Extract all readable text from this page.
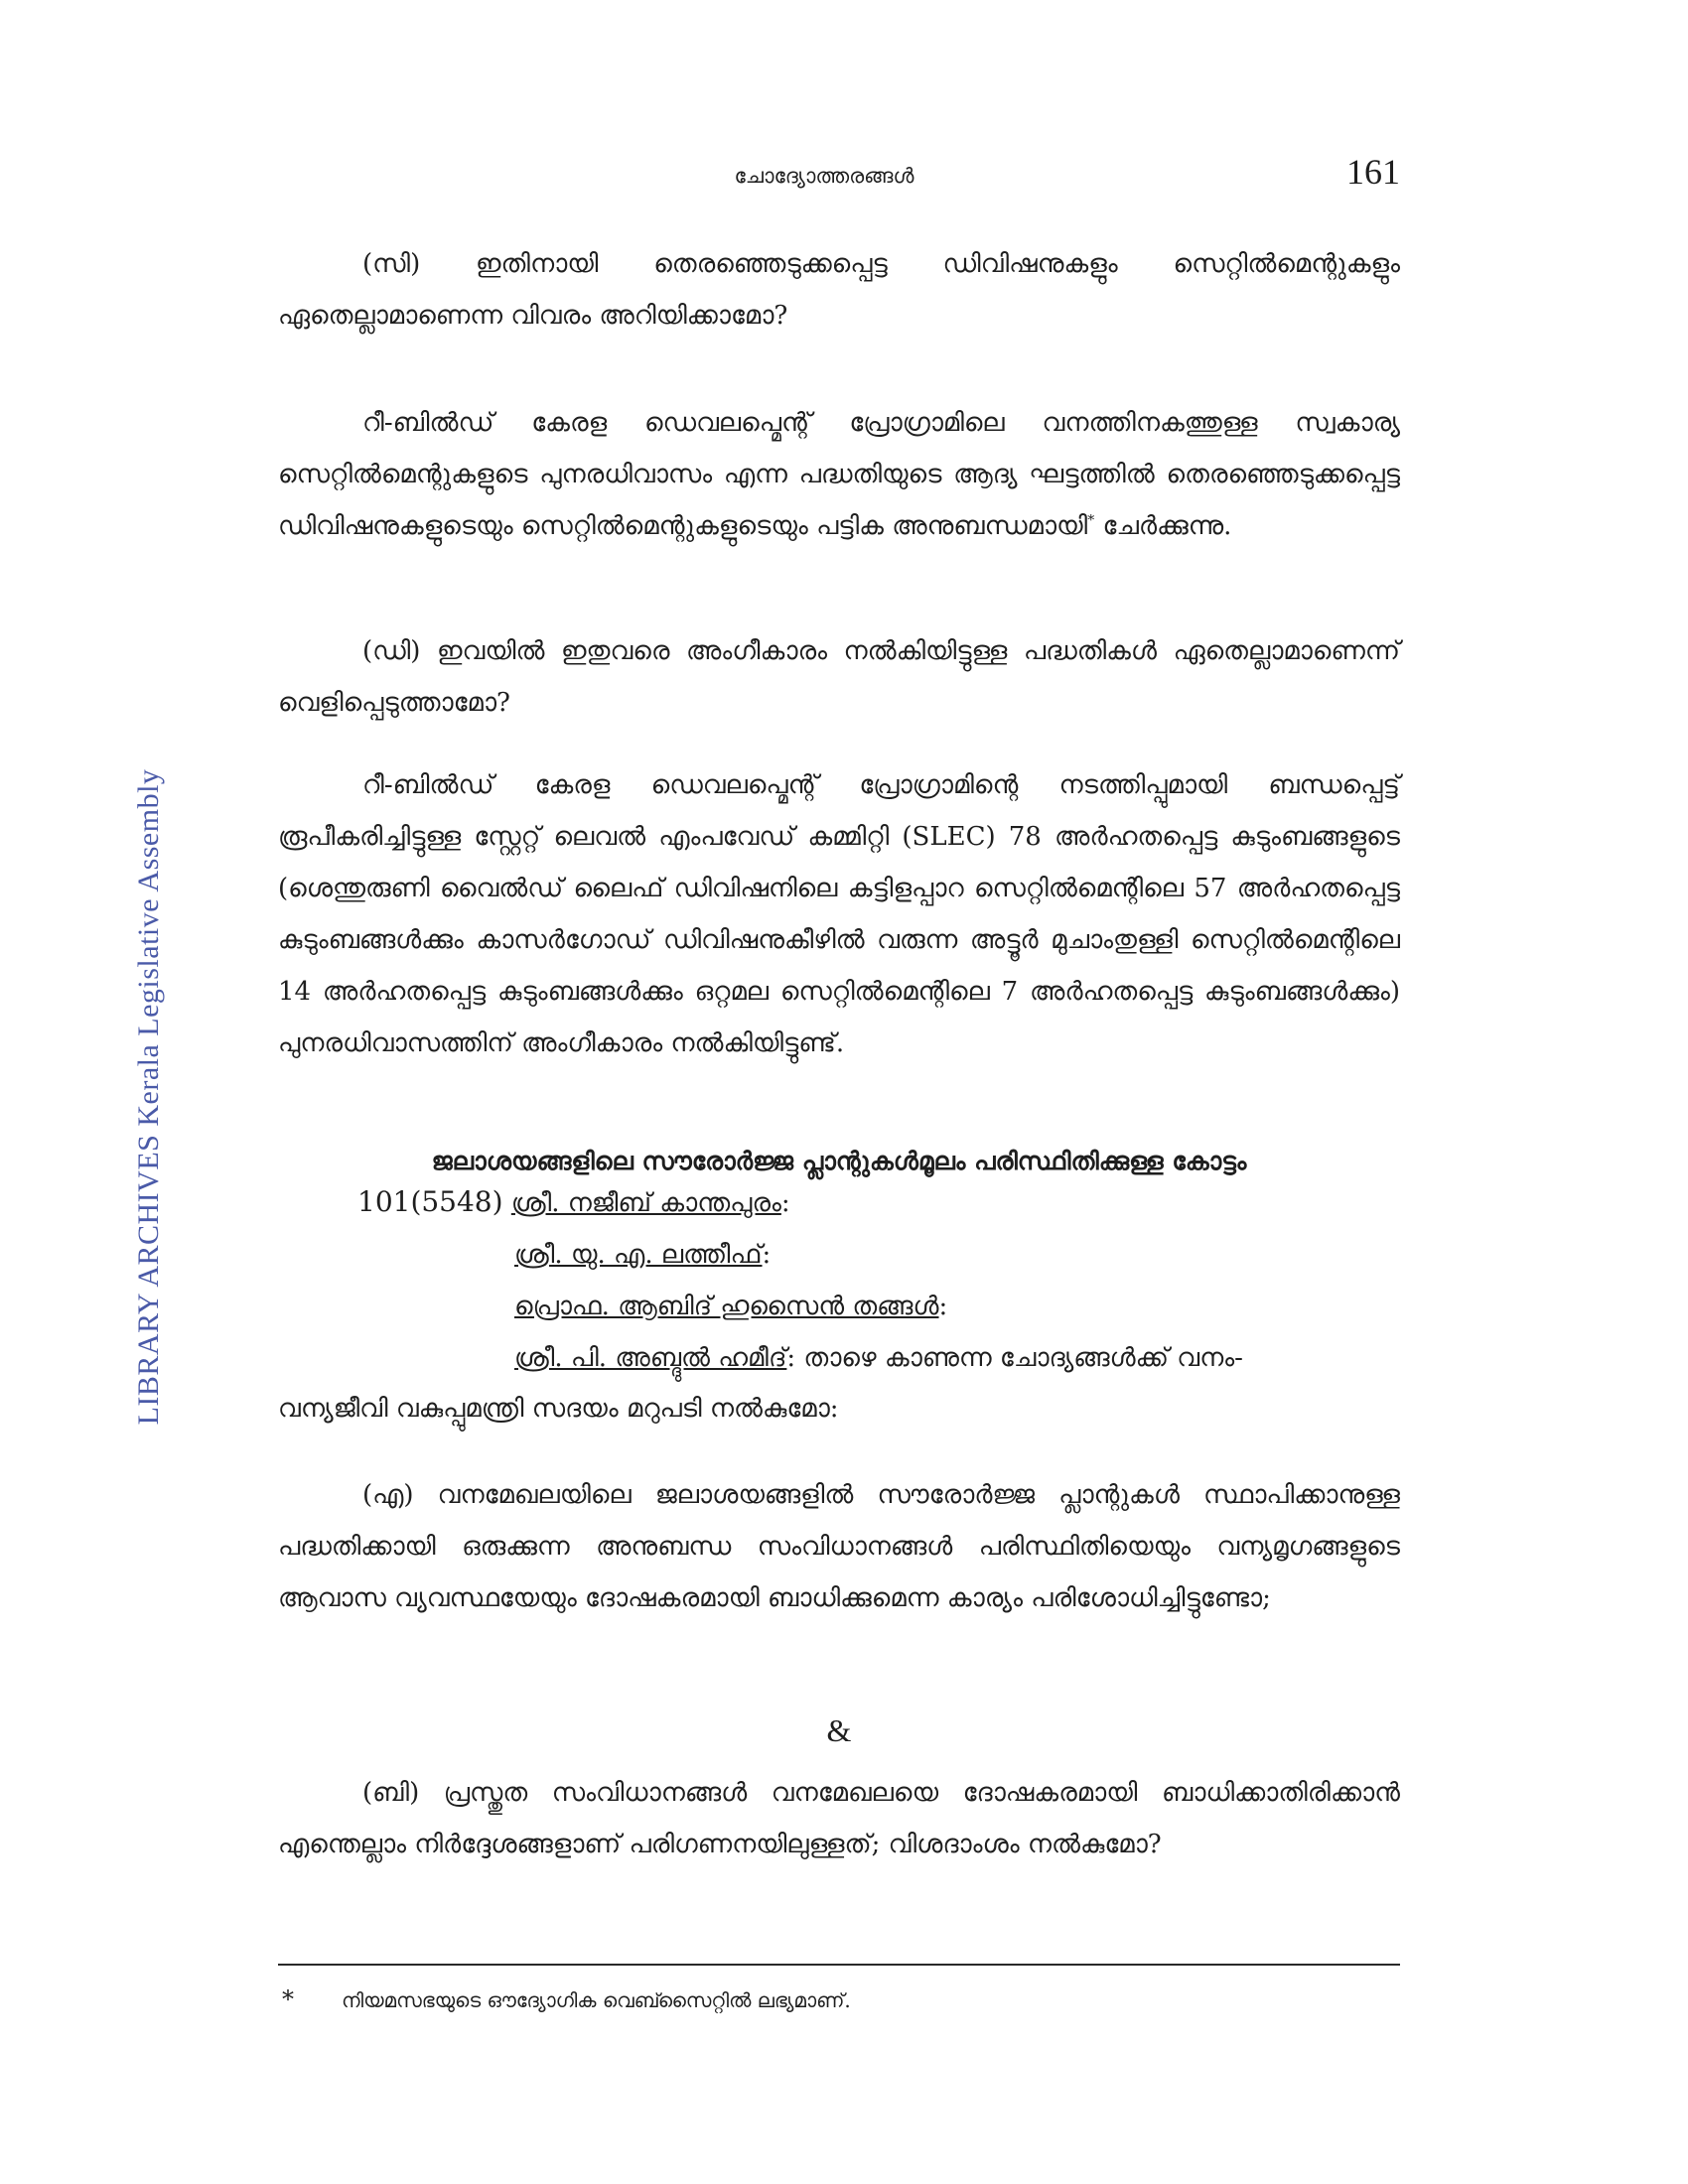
LIBRARY ARCHIVES Kerala Legislative Assembly
ചോദ്യോത്തരങ്ങൾ	161

(സി) ഇതിനായി തെരഞ്ഞെടുക്കപ്പെട്ട ഡിവിഷനുകളും സെറ്റിൽമെന്റുകളും ഏതെല്ലാമാണെന്ന വിവരം അറിയിക്കാമോ?

റീ-ബിൽഡ് കേരള ഡെവലപ്മെന്റ് പ്രോഗ്രാമിലെ വനത്തിനകത്തുള്ള സ്വകാര്യ സെറ്റിൽമെന്റുകളുടെ പുനരധിവാസം എന്ന പദ്ധതിയുടെ ആദ്യ ഘട്ടത്തിൽ തെരഞ്ഞെടുക്കപ്പെട്ട ഡിവിഷനുകളുടെയും സെറ്റിൽമെന്റുകളുടെയും പട്ടിക അനുബന്ധമായി* ചേർക്കുന്നു.

(ഡി) ഇവയിൽ ഇതുവരെ അംഗീകാരം നൽകിയിട്ടുള്ള പദ്ധതികൾ ഏതെല്ലാമാണെന്ന് വെളിപ്പെടുത്താമോ?

റീ-ബിൽഡ് കേരള ഡെവലപ്മെന്റ് പ്രോഗ്രാമിന്റെ നടത്തിപ്പുമായി ബന്ധപ്പെട്ട് രൂപീകരിച്ചിട്ടുള്ള സ്റ്റേറ്റ് ലെവൽ എംപവേഡ് കമ്മിറ്റി (SLEC) 78 അർഹതപ്പെട്ട കുടുംബങ്ങളുടെ (ശെന്തുരുണി വൈൽഡ് ലൈഫ് ഡിവിഷനിലെ കട്ടിളപ്പാറ സെറ്റിൽമെന്റിലെ 57 അർഹതപ്പെട്ട കുടുംബങ്ങൾക്കും കാസർഗോഡ് ഡിവിഷനുകീഴിൽ വരുന്ന അട്ടൂർ മുചാംതുള്ളി സെറ്റിൽമെന്റിലെ 14 അർഹതപ്പെട്ട കുടുംബങ്ങൾക്കും ഒറ്റമല സെറ്റിൽമെന്റിലെ 7 അർഹതപ്പെട്ട കുടുംബങ്ങൾക്കും) പുനരധിവാസത്തിന് അംഗീകാരം നൽകിയിട്ടുണ്ട്.

ജലാശയങ്ങളിലെ സൗരോർജ്ജ പ്ലാന്റുകൾമൂലം പരിസ്ഥിതിക്കുള്ള കോട്ടം
101(5548) ശ്രീ. നജീബ് കാന്തപുരം:
ശ്രീ. യു. എ. ലത്തീഫ്:
പ്രൊഫ. ആബിദ് ഹുസൈൻ തങ്ങൾ:
ശ്രീ. പി. അബ്ദുൽ ഹമീദ്: താഴെ കാണുന്ന ചോദ്യങ്ങൾക്ക് വനം-

വന്യജീവി വകുപ്പുമന്ത്രി സദയം മറുപടി നൽകുമോ:

(എ) വനമേഖലയിലെ ജലാശയങ്ങളിൽ സൗരോർജ്ജ പ്ലാന്റുകൾ സ്ഥാപിക്കാനുള്ള പദ്ധതിക്കായി ഒരുക്കുന്ന അനുബന്ധ സംവിധാനങ്ങൾ പരിസ്ഥിതിയെയും വന്യമൃഗങ്ങളുടെ ആവാസ വ്യവസ്ഥയേയും ദോഷകരമായി ബാധിക്കുമെന്ന കാര്യം പരിശോധിച്ചിട്ടുണ്ടോ;

&

(ബി) പ്രസ്തുത സംവിധാനങ്ങൾ വനമേഖലയെ ദോഷകരമായി ബാധിക്കാതിരിക്കാൻ എന്തെല്ലാം നിർദ്ദേശങ്ങളാണ് പരിഗണനയിലുള്ളത്; വിശദാംശം നൽകുമോ?

* നിയമസഭയുടെ ഔദ്യോഗിക വെബ്സൈറ്റിൽ ലഭ്യമാണ്.
